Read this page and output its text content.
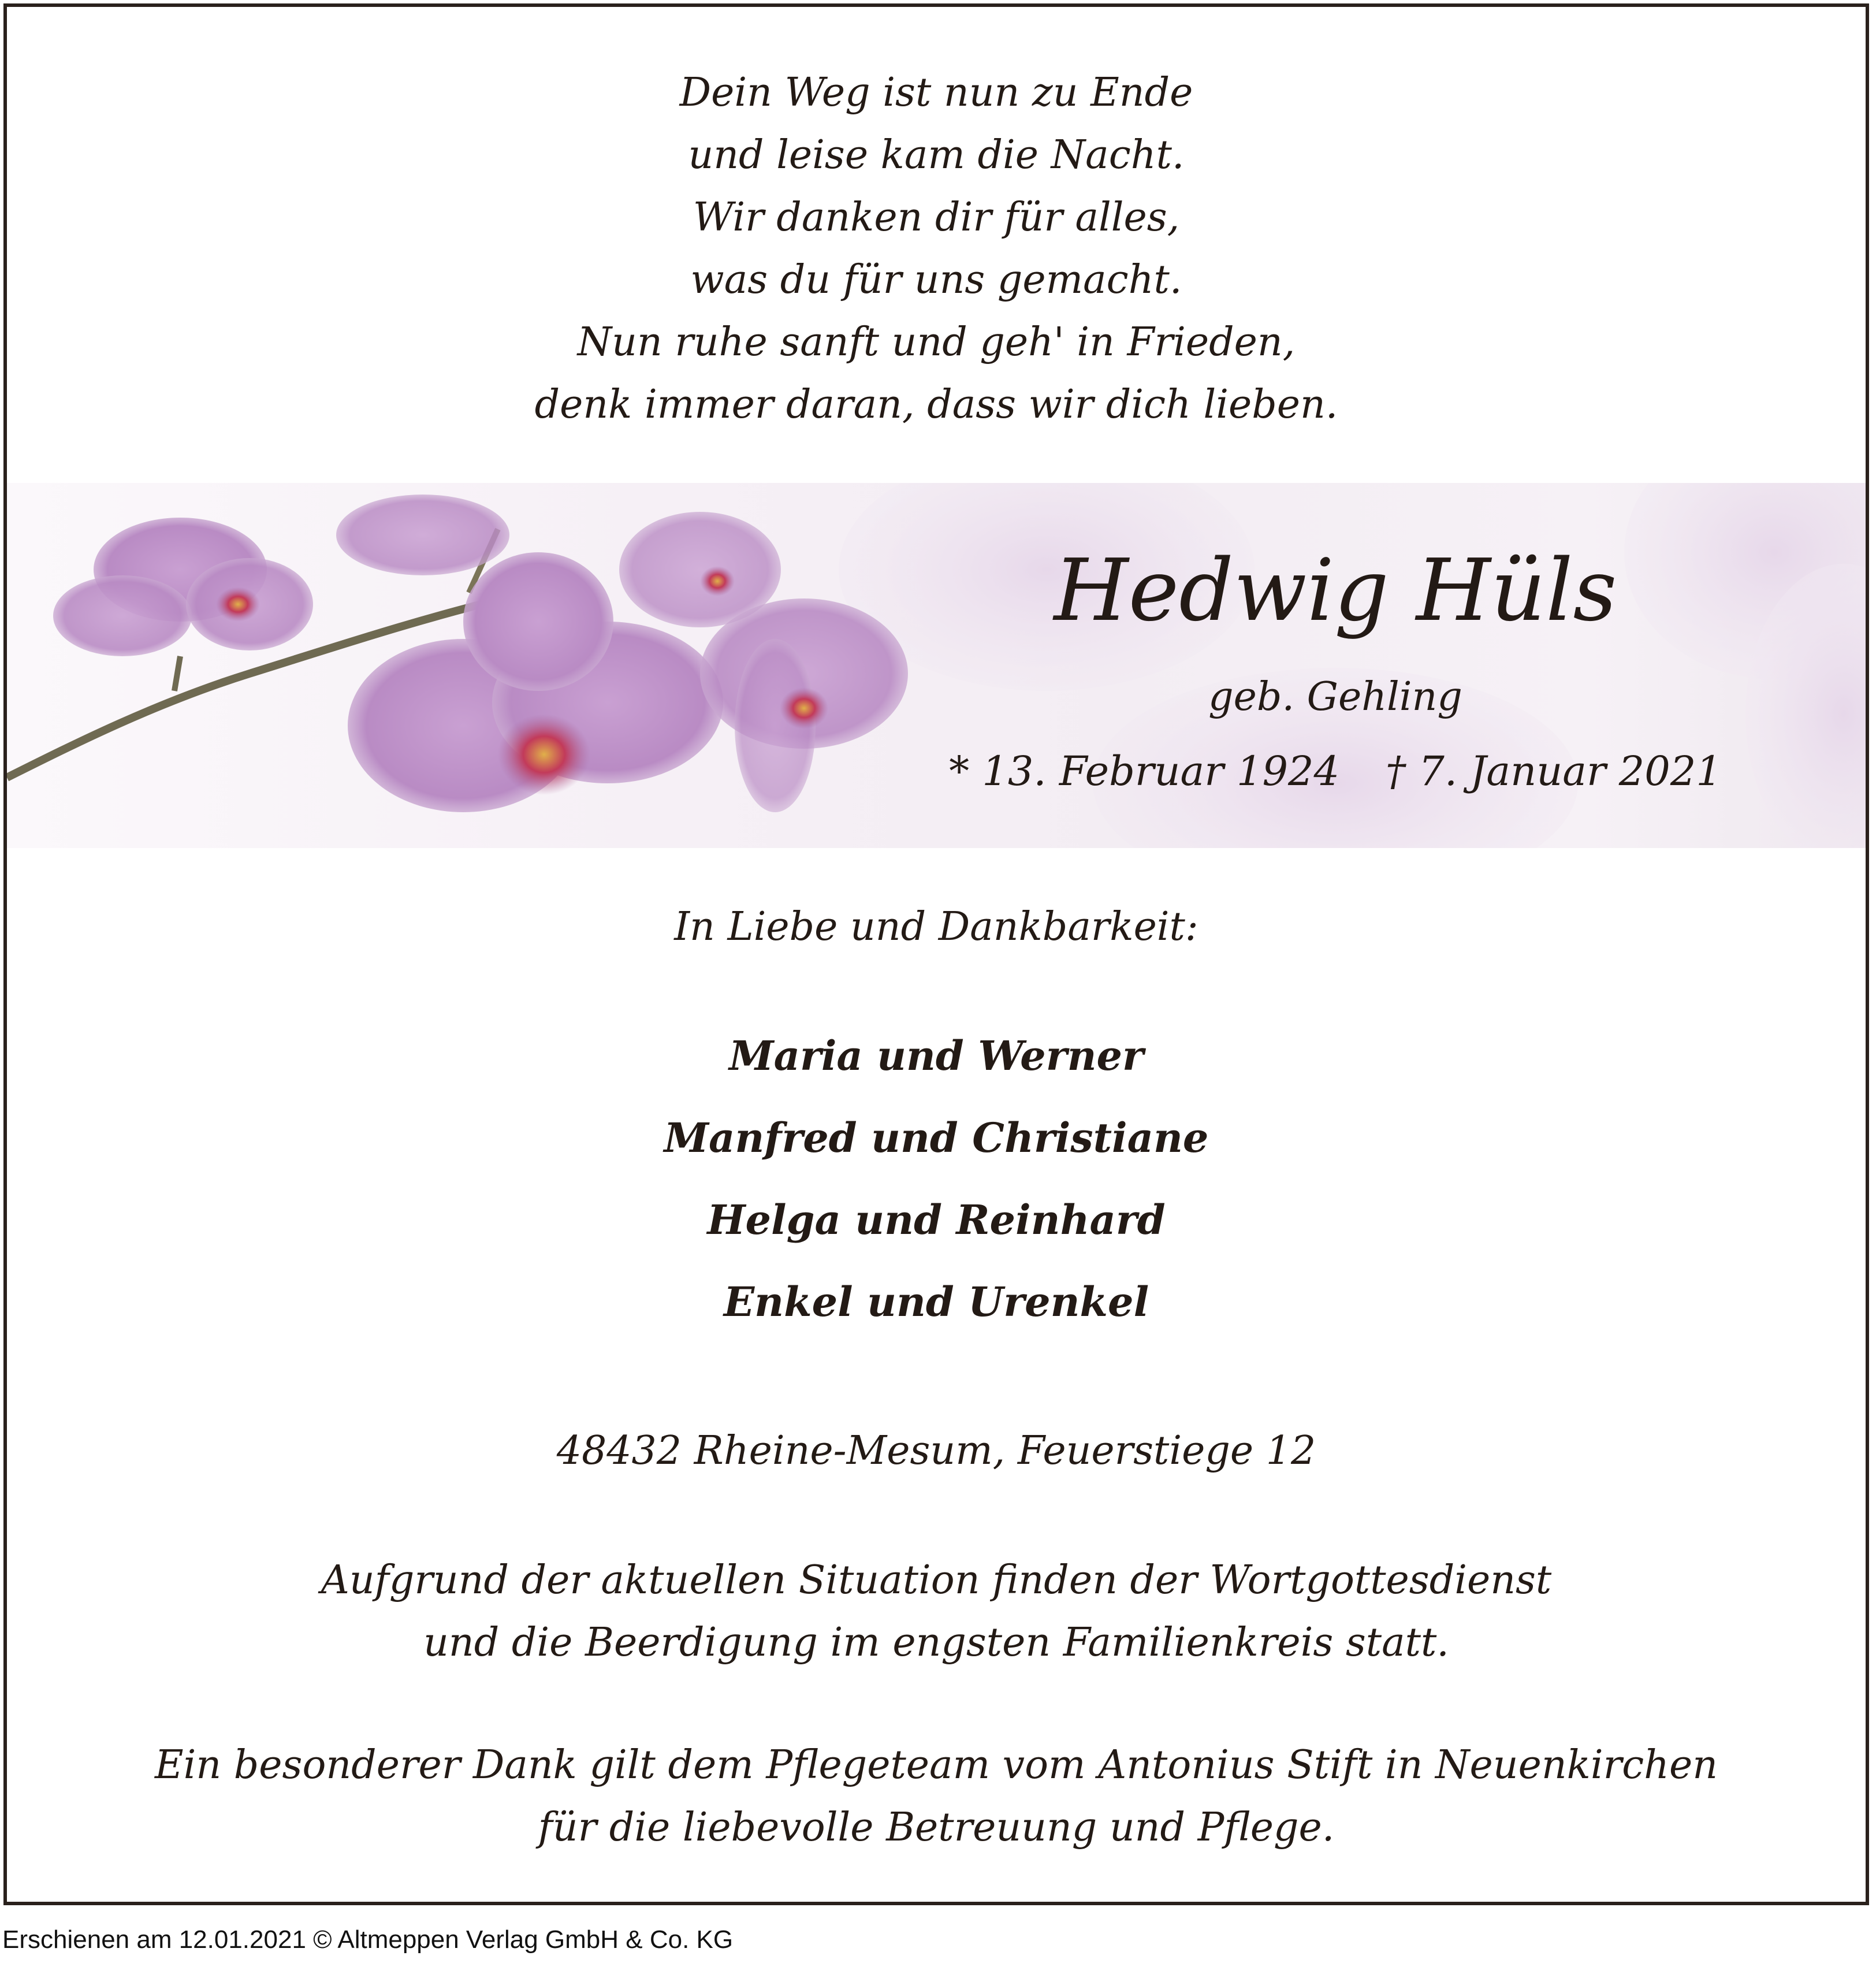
Dein Weg ist nun zu Ende
und leise kam die Nacht.
Wir danken dir für alles,
was du für uns gemacht.
Nun ruhe sanft und geh' in Frieden,
denk immer daran, dass wir dich lieben.
Hedwig Hüls
geb. Gehling
* 13. Februar 1924 † 7. Januar 2021
In Liebe und Dankbarkeit:
Maria und Werner
Manfred und Christiane
Helga und Reinhard
Enkel und Urenkel
48432 Rheine-Mesum, Feuerstiege 12
Aufgrund der aktuellen Situation finden der Wortgottesdienst
und die Beerdigung im engsten Familienkreis statt.
Ein besonderer Dank gilt dem Pflegeteam vom Antonius Stift in Neuenkirchen
für die liebevolle Betreuung und Pflege.
Erschienen am 12.01.2021 © Altmeppen Verlag GmbH & Co. KG
